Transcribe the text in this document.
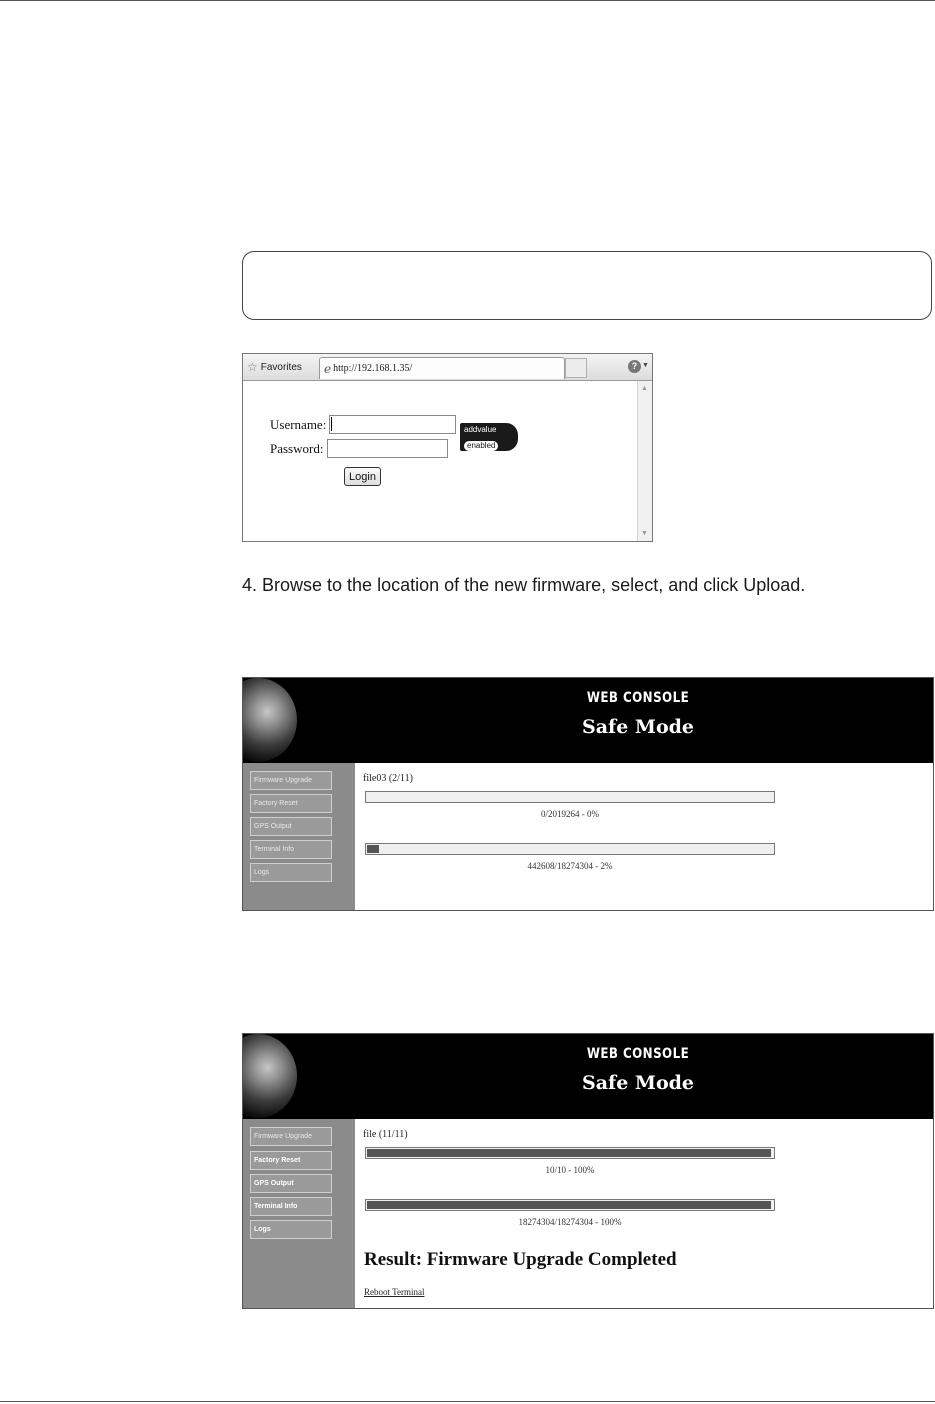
☆ Favorites e http://192.168.1.35/	? ▼
▲
▼
Username:
Password:
Login
addvalue
enabled
4. Browse to the location of the new firmware, select, and click Upload.
WEB CONSOLE
Safe Mode
Firmware Upgrade
Factory Reset
GPS Output
Terminal Info
Logs
file03 (2/11)
0/2019264 - 0%
442608/18274304 - 2%
WEB CONSOLE
Safe Mode
Firmware Upgrade
Factory Reset
GPS Output
Terminal Info
Logs
file (11/11)
10/10 - 100%
18274304/18274304 - 100%
Result: Firmware Upgrade Completed
Reboot Terminal
